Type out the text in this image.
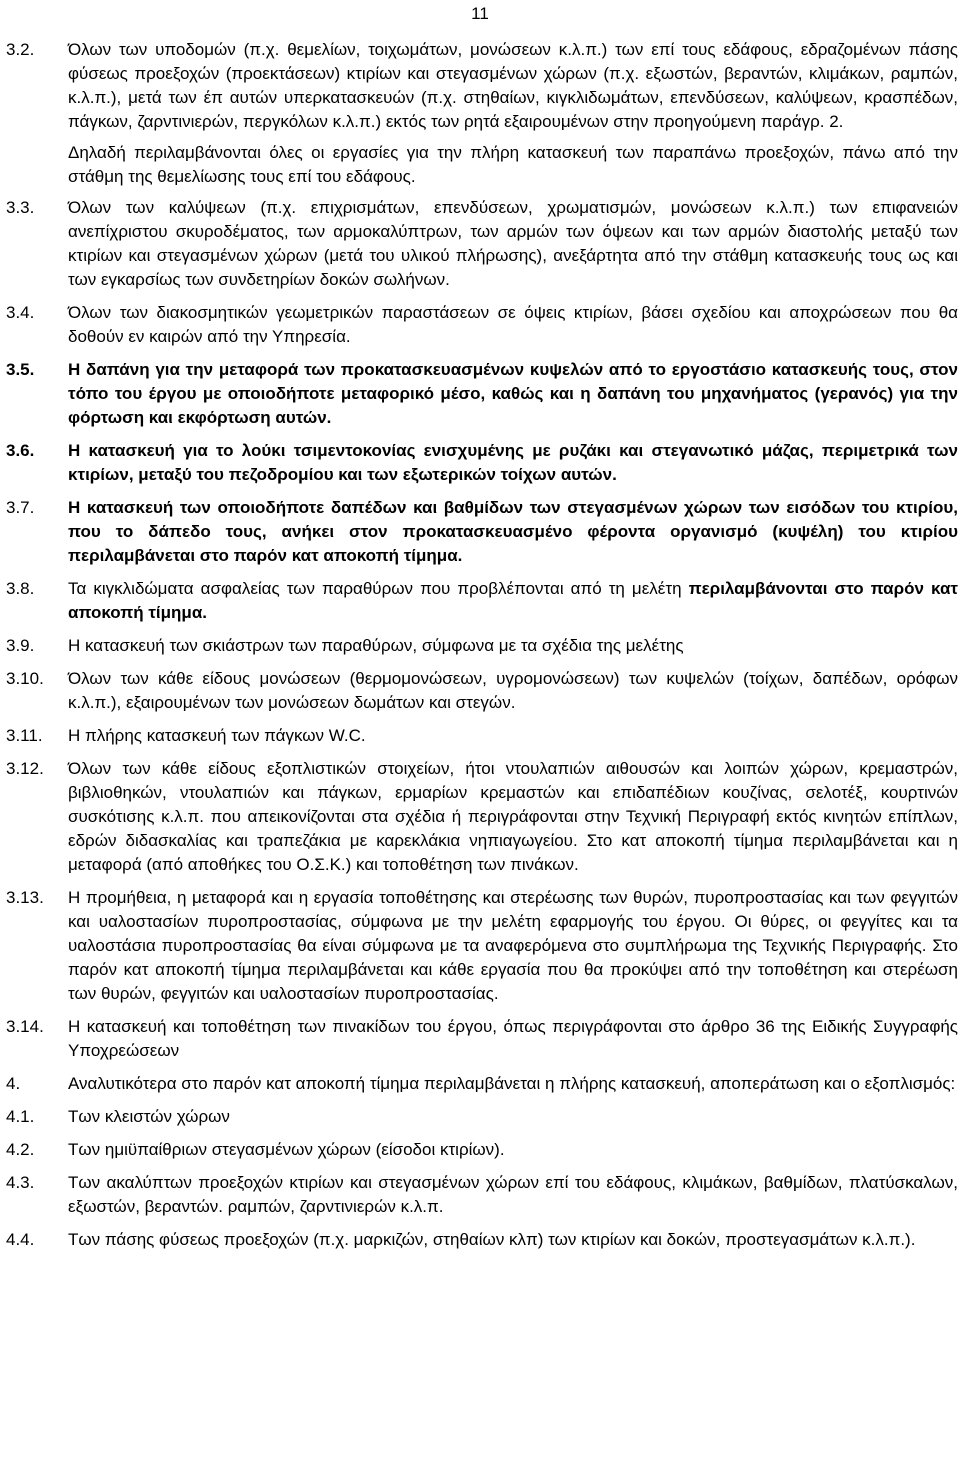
11
3.2.	Όλων των υποδομών (π.χ. θεμελίων, τοιχωμάτων, μονώσεων κ.λ.π.) των επί τους εδάφους, εδραζομένων πάσης φύσεως προεξοχών (προεκτάσεων) κτιρίων και στεγασμένων χώρων (π.χ. εξωστών, βεραντών, κλιμάκων, ραμπών, κ.λ.π.), μετά των έπ αυτών υπερκατασκευών (π.χ. στηθαίων, κιγκλιδωμάτων, επενδύσεων, καλύψεων, κρασπέδων, πάγκων, ζαρντινιερών, περγκόλων κ.λ.π.) εκτός των ρητά εξαιρουμένων στην προηγούμενη παράγρ. 2.
Δηλαδή περιλαμβάνονται όλες οι εργασίες για την πλήρη κατασκευή των παραπάνω προεξοχών, πάνω από την στάθμη της θεμελίωσης τους επί του εδάφους.
3.3.	Όλων των καλύψεων (π.χ. επιχρισμάτων, επενδύσεων, χρωματισμών, μονώσεων κ.λ.π.) των επιφανειών ανεπίχριστου σκυροδέματος, των αρμοκαλύπτρων, των αρμών των όψεων και των αρμών διαστολής μεταξύ των κτιρίων και στεγασμένων χώρων (μετά του υλικού πλήρωσης), ανεξάρτητα από την στάθμη κατασκευής τους ως και των εγκαρσίως των συνδετηρίων δοκών σωλήνων.
3.4.	Όλων των διακοσμητικών γεωμετρικών παραστάσεων σε όψεις κτιρίων, βάσει σχεδίου και αποχρώσεων που θα δοθούν εν καιρών από την Υπηρεσία.
3.5.	Η δαπάνη για την μεταφορά των προκατασκευασμένων κυψελών από το εργοστάσιο κατασκευής τους, στον τόπο του έργου με οποιοδήποτε μεταφορικό μέσο, καθώς και η δαπάνη του μηχανήματος (γερανός) για την φόρτωση και εκφόρτωση αυτών.
3.6.	Η κατασκευή για το λούκι τσιμεντοκονίας ενισχυμένης με ρυζάκι και στεγανωτικό μάζας, περιμετρικά των κτιρίων, μεταξύ του πεζοδρομίου και των εξωτερικών τοίχων αυτών.
3.7.	Η κατασκευή των οποιοδήποτε δαπέδων και βαθμίδων των στεγασμένων χώρων των εισόδων του κτιρίου, που το δάπεδο τους, ανήκει στον προκατασκευασμένο φέροντα οργανισμό (κυψέλη) του κτιρίου περιλαμβάνεται στο παρόν κατ αποκοπή τίμημα.
3.8.	Τα κιγκλιδώματα ασφαλείας των παραθύρων που προβλέπονται από τη μελέτη περιλαμβάνονται στο παρόν κατ αποκοπή τίμημα.
3.9.	Η κατασκευή των σκιάστρων των παραθύρων, σύμφωνα με τα σχέδια της μελέτης
3.10.	Όλων των κάθε είδους μονώσεων (θερμομονώσεων, υγρομονώσεων) των κυψελών (τοίχων, δαπέδων, ορόφων κ.λ.π.), εξαιρουμένων των μονώσεων δωμάτων και στεγών.
3.11.	Η πλήρης κατασκευή των πάγκων W.C.
3.12.	Όλων των κάθε είδους εξοπλιστικών στοιχείων, ήτοι ντουλαπιών αιθουσών και λοιπών χώρων, κρεμαστρών, βιβλιοθηκών, ντουλαπιών και πάγκων, ερμαρίων κρεμαστών και επιδαπέδιων κουζίνας, σελοτέξ, κουρτινών συσκότισης κ.λ.π. που απεικονίζονται στα σχέδια ή περιγράφονται στην Τεχνική Περιγραφή εκτός κινητών επίπλων, εδρών διδασκαλίας και τραπεζάκια με καρεκλάκια νηπιαγωγείου. Στο κατ αποκοπή τίμημα περιλαμβάνεται και η μεταφορά (από αποθήκες του Ο.Σ.Κ.) και τοποθέτηση των πινάκων.
3.13.	Η προμήθεια, η μεταφορά και η εργασία τοποθέτησης και στερέωσης των θυρών, πυροπροστασίας και των φεγγιτών και υαλοστασίων πυροπροστασίας, σύμφωνα με την μελέτη εφαρμογής του έργου. Οι θύρες, οι φεγγίτες και τα υαλοστάσια πυροπροστασίας θα είναι σύμφωνα με τα αναφερόμενα στο συμπλήρωμα της Τεχνικής Περιγραφής. Στο παρόν κατ αποκοπή τίμημα περιλαμβάνεται και κάθε εργασία που θα προκύψει από την τοποθέτηση και στερέωση των θυρών, φεγγιτών και υαλοστασίων πυροπροστασίας.
3.14.	Η κατασκευή και τοποθέτηση των πινακίδων του έργου, όπως περιγράφονται στο άρθρο 36 της Ειδικής Συγγραφής Υποχρεώσεων
4.	Αναλυτικότερα στο παρόν κατ αποκοπή τίμημα περιλαμβάνεται η πλήρης κατασκευή, αποπεράτωση και ο εξοπλισμός:
4.1.	Των κλειστών χώρων
4.2.	Των ημιϋπαίθριων στεγασμένων χώρων (είσοδοι κτιρίων).
4.3.	Των ακαλύπτων προεξοχών κτιρίων και στεγασμένων χώρων επί του εδάφους, κλιμάκων, βαθμίδων, πλατύσκαλων, εξωστών, βεραντών. ραμπών, ζαρντινιερών κ.λ.π.
4.4.	Των πάσης φύσεως προεξοχών (π.χ. μαρκιζών, στηθαίων κλπ) των κτιρίων και δοκών, προστεγασμάτων κ.λ.π.).
